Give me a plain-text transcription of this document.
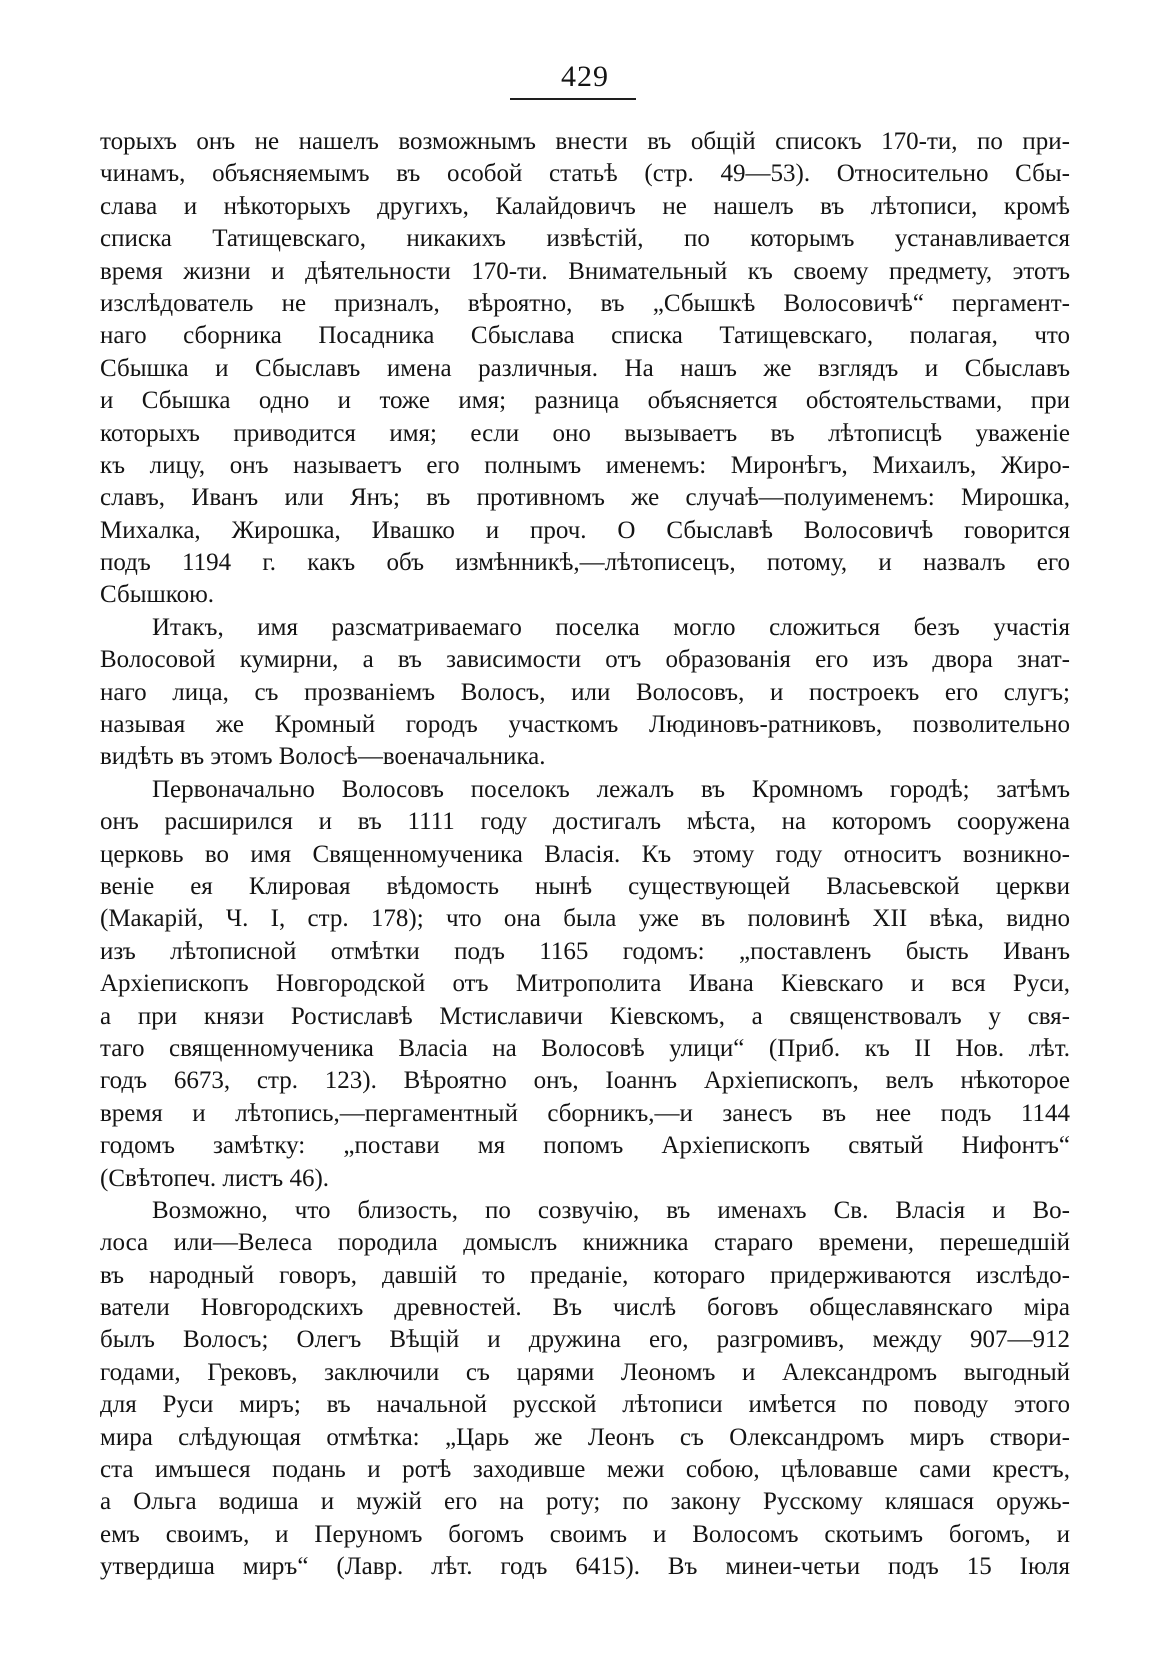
429
торыхъ онъ не нашелъ возможнымъ внести въ общій списокъ 170-ти, по при-
чинамъ, объясняемымъ въ особой статьѣ (стр. 49—53). Относительно Сбы-
слава и нѣкоторыхъ другихъ, Калайдовичъ не нашелъ въ лѣтописи, кромѣ
списка Татищевскаго, никакихъ извѣстій, по которымъ устанавливается
время жизни и дѣятельности 170-ти. Внимательный къ своему предмету, этотъ
изслѣдователь не призналъ, вѣроятно, въ „Сбышкѣ Волосовичѣ“ пергамент-
наго сборника Посадника Сбыслава списка Татищевскаго, полагая, что
Сбышка и Сбыславъ имена различныя. На нашъ же взглядъ и Сбыславъ
и Сбышка одно и тоже имя; разница объясняется обстоятельствами, при
которыхъ приводится имя; если оно вызываетъ въ лѣтописцѣ уваженіе
къ лицу, онъ называетъ его полнымъ именемъ: Миронѣгъ, Михаилъ, Жиро-
славъ, Иванъ или Янъ; въ противномъ же случаѣ—полуименемъ: Мирошка,
Михалка, Жирошка, Ивашко и проч. О Сбыславѣ Волосовичѣ говорится
подъ 1194 г. какъ объ измѣнникѣ,—лѣтописецъ, потому, и назвалъ его
Сбышкою.
Итакъ, имя разсматриваемаго поселка могло сложиться безъ участія
Волосовой кумирни, а въ зависимости отъ образованія его изъ двора знат-
наго лица, съ прозваніемъ Волосъ, или Волосовъ, и построекъ его слугъ;
называя же Кромный городъ участкомъ Людиновъ-ратниковъ, позволительно
видѣть въ этомъ Волосѣ—военачальника.
Первоначально Волосовъ поселокъ лежалъ въ Кромномъ городѣ; затѣмъ
онъ расширился и въ 1111 году достигалъ мѣста, на которомъ сооружена
церковь во имя Священномученика Власія. Къ этому году относитъ возникно-
веніе ея Клировая вѣдомость нынѣ существующей Власьевской церкви
(Макарій, Ч. I, стр. 178); что она была уже въ половинѣ XII вѣка, видно
изъ лѣтописной отмѣтки подъ 1165 годомъ: „поставленъ бысть Иванъ
Архіепископъ Новгородской отъ Митрополита Ивана Кіевскаго и вся Руси,
а при князи Ростиславѣ Мстиславичи Кіевскомъ, а священствовалъ у свя-
таго священномученика Власіа на Волосовѣ улици“ (Приб. къ II Нов. лѣт.
годъ 6673, стр. 123). Вѣроятно онъ, Іоаннъ Архіепископъ, велъ нѣкоторое
время и лѣтопись,—пергаментный сборникъ,—и занесъ въ нее подъ 1144
годомъ замѣтку: „постави мя попомъ Архіепископъ святый Нифонтъ“
(Свѣтопеч. листъ 46).
Возможно, что близость, по созвучію, въ именахъ Св. Власія и Во-
лоса или—Велеса породила домыслъ книжника стараго времени, перешедшій
въ народный говоръ, давшій то преданіе, котораго придерживаются изслѣдо-
ватели Новгородскихъ древностей. Въ числѣ боговъ общеславянскаго міра
былъ Волосъ; Олегъ Вѣщій и дружина его, разгромивъ, между 907—912
годами, Грековъ, заключили съ царями Леономъ и Александромъ выгодный
для Руси миръ; въ начальной русской лѣтописи имѣется по поводу этого
мира слѣдующая отмѣтка: „Царь же Леонъ съ Олександромъ миръ створи-
ста имъшеся подань и ротѣ заходивше межи собою, цѣловавше сами крестъ,
а Ольга водиша и мужій его на роту; по закону Русскому кляшася оружь-
емъ своимъ, и Перуномъ богомъ своимъ и Волосомъ скотьимъ богомъ, и
утвердиша миръ“ (Лавр. лѣт. годъ 6415). Въ минеи-четьи подъ 15 Іюля
